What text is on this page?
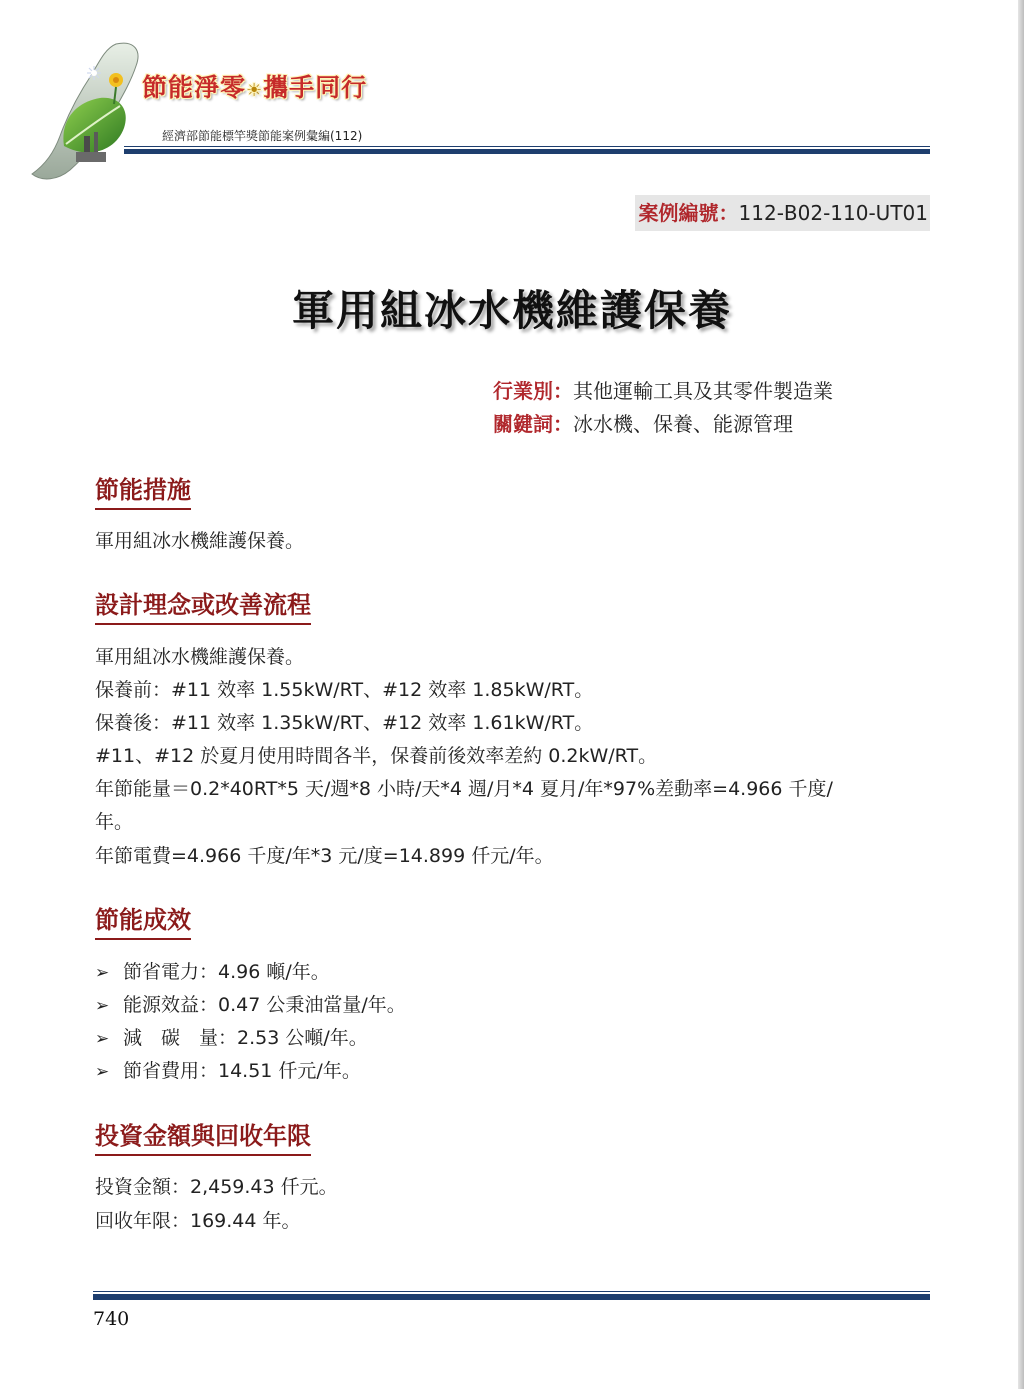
節能淨零☀攜手同行
經濟部節能標竿獎節能案例彙編(112)
案例編號：112-B02-110-UT01
軍用組冰水機維護保養
行業別：其他運輸工具及其零件製造業
關鍵詞：冰水機、保養、能源管理
節能措施
軍用組冰水機維護保養。
設計理念或改善流程
軍用組冰水機維護保養。
保養前：#11 效率 1.55kW/RT、#12 效率 1.85kW/RT。
保養後：#11 效率 1.35kW/RT、#12 效率 1.61kW/RT。
#11、#12 於夏月使用時間各半，保養前後效率差約 0.2kW/RT。
年節能量＝0.2*40RT*5 天/週*8 小時/天*4 週/月*4 夏月/年*97%差動率=4.966 千度/
年。
年節電費=4.966 千度/年*3 元/度=14.899 仟元/年。
節能成效
➢ 節省電力：4.96 噸/年。
➢ 能源效益：0.47 公秉油當量/年。
➢ 減　碳　量：2.53 公噸/年。
➢ 節省費用：14.51 仟元/年。
投資金額與回收年限
投資金額：2,459.43 仟元。
回收年限：169.44 年。
740
